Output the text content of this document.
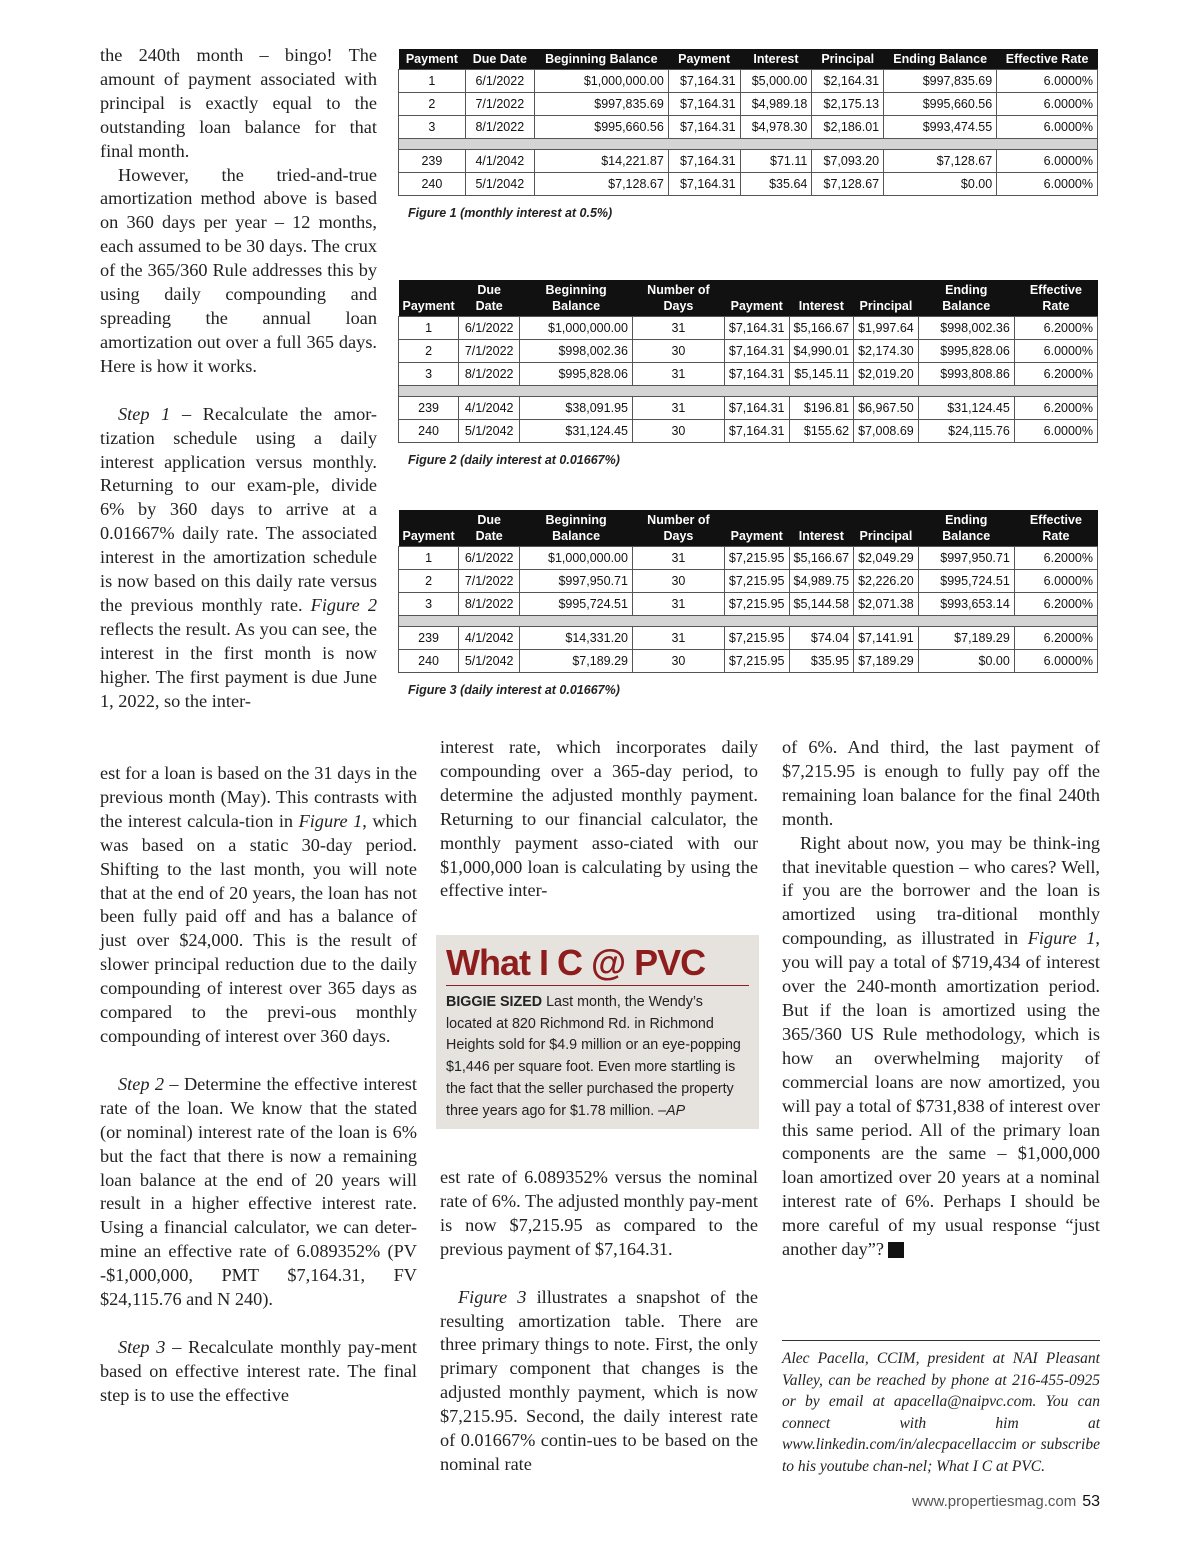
the 240th month – bingo! The amount of payment associated with principal is exactly equal to the outstanding loan balance for that final month.

However, the tried-and-true amortization method above is based on 360 days per year – 12 months, each assumed to be 30 days. The crux of the 365/360 Rule addresses this by using daily compounding and spreading the annual loan amortization out over a full 365 days. Here is how it works.

Step 1 – Recalculate the amor-tization schedule using a daily interest application versus monthly. Returning to our exam-ple, divide 6% by 360 days to arrive at a 0.01667% daily rate. The associated interest in the amortization schedule is now based on this daily rate versus the previous monthly rate. Figure 2 reflects the result. As you can see, the interest in the first month is now higher. The first payment is due June 1, 2022, so the inter-

est for a loan is based on the 31 days in the previous month (May). This contrasts with the interest calcula-tion in Figure 1, which was based on a static 30-day period. Shifting to the last month, you will note that at the end of 20 years, the loan has not been fully paid off and has a balance of just over $24,000. This is the result of slower principal reduction due to the daily compounding of interest over 365 days as compared to the previ-ous monthly compounding of interest over 360 days.

Step 2 – Determine the effective interest rate of the loan. We know that the stated (or nominal) interest rate of the loan is 6% but the fact that there is now a remaining loan balance at the end of 20 years will result in a higher effective interest rate. Using a financial calculator, we can deter-mine an effective rate of 6.089352% (PV -$1,000,000, PMT $7,164.31, FV $24,115.76 and N 240).

Step 3 – Recalculate monthly pay-ment based on effective interest rate. The final step is to use the effective

interest rate, which incorporates daily compounding over a 365-day period, to determine the adjusted monthly payment. Returning to our financial calculator, the monthly payment asso-ciated with our $1,000,000 loan is calculating by using the effective inter-

What I C @ PVC
BIGGIE SIZED Last month, the Wendy’s located at 820 Richmond Rd. in Richmond Heights sold for $4.9 million or an eye-popping $1,446 per square foot. Even more startling is the fact that the seller purchased the property three years ago for $1.78 million. –AP

est rate of 6.089352% versus the nominal rate of 6%. The adjusted monthly pay-ment is now $7,215.95 as compared to the previous payment of $7,164.31.

Figure 3 illustrates a snapshot of the resulting amortization table. There are three primary things to note. First, the only primary component that changes is the adjusted monthly payment, which is now $7,215.95. Second, the daily interest rate of 0.01667% contin-ues to be based on the nominal rate

of 6%. And third, the last payment of $7,215.95 is enough to fully pay off the remaining loan balance for the final 240th month.

Right about now, you may be think-ing that inevitable question – who cares? Well, if you are the borrower and the loan is amortized using tra-ditional monthly compounding, as illustrated in Figure 1, you will pay a total of $719,434 of interest over the 240-month amortization period. But if the loan is amortized using the 365/360 US Rule methodology, which is how an overwhelming majority of commercial loans are now amortized, you will pay a total of $731,838 of interest over this same period. All of the primary loan components are the same – $1,000,000 loan amortized over 20 years at a nominal interest rate of 6%. Perhaps I should be more careful of my usual response “just another day”? P

Alec Pacella, CCIM, president at NAI Pleasant Valley, can be reached by phone at 216-455-0925 or by email at apacella@naipvc.com. You can connect with him at www.linkedin.com/in/alecpacellaccim or subscribe to his youtube chan-nel; What I C at PVC.
www.propertiesmag.com 53
Payment	Due Date	Beginning Balance	Payment	Interest	Principal	Ending Balance	Effective Rate
1	6/1/2022	$1,000,000.00	$7,164.31	$5,000.00	$2,164.31	$997,835.69	6.0000%
2	7/1/2022	$997,835.69	$7,164.31	$4,989.18	$2,175.13	$995,660.56	6.0000%
3	8/1/2022	$995,660.56	$7,164.31	$4,978.30	$2,186.01	$993,474.55	6.0000%

239	4/1/2042	$14,221.87	$7,164.31	$71.11	$7,093.20	$7,128.67	6.0000%
240	5/1/2042	$7,128.67	$7,164.31	$35.64	$7,128.67	$0.00	6.0000%
Figure 1 (monthly interest at 0.5%)
Payment	Due Date	Beginning Balance	Number of Days	Payment	Interest	Principal	Ending Balance	Effective Rate
1	6/1/2022	$1,000,000.00	31	$7,164.31	$5,166.67	$1,997.64	$998,002.36	6.2000%
2	7/1/2022	$998,002.36	30	$7,164.31	$4,990.01	$2,174.30	$995,828.06	6.0000%
3	8/1/2022	$995,828.06	31	$7,164.31	$5,145.11	$2,019.20	$993,808.86	6.2000%

239	4/1/2042	$38,091.95	31	$7,164.31	$196.81	$6,967.50	$31,124.45	6.2000%
240	5/1/2042	$31,124.45	30	$7,164.31	$155.62	$7,008.69	$24,115.76	6.0000%
Figure 2 (daily interest at 0.01667%)
Payment	Due Date	Beginning Balance	Number of Days	Payment	Interest	Principal	Ending Balance	Effective Rate
1	6/1/2022	$1,000,000.00	31	$7,215.95	$5,166.67	$2,049.29	$997,950.71	6.2000%
2	7/1/2022	$997,950.71	30	$7,215.95	$4,989.75	$2,226.20	$995,724.51	6.0000%
3	8/1/2022	$995,724.51	31	$7,215.95	$5,144.58	$2,071.38	$993,653.14	6.2000%

239	4/1/2042	$14,331.20	31	$7,215.95	$74.04	$7,141.91	$7,189.29	6.2000%
240	5/1/2042	$7,189.29	30	$7,215.95	$35.95	$7,189.29	$0.00	6.0000%
Figure 3 (daily interest at 0.01667%)
